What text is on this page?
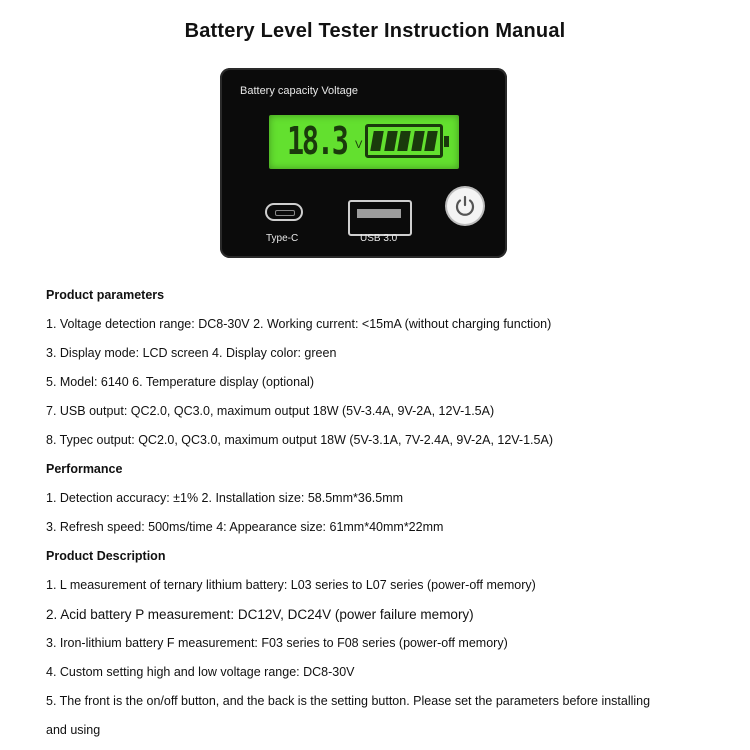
Battery Level Tester Instruction Manual
Battery capacity Voltage
18.3 V
Type-C	USB 3.0
Product parameters
1. Voltage detection range: DC8-30V 2. Working current: <15mA (without charging function)
3. Display mode: LCD screen 4. Display color: green
5. Model: 6140 6. Temperature display (optional)
7. USB output: QC2.0, QC3.0, maximum output 18W (5V-3.4A, 9V-2A, 12V-1.5A)
8. Typec output: QC2.0, QC3.0, maximum output 18W (5V-3.1A, 7V-2.4A, 9V-2A, 12V-1.5A)
Performance
1. Detection accuracy: ±1% 2. Installation size: 58.5mm*36.5mm
3. Refresh speed: 500ms/time 4: Appearance size: 61mm*40mm*22mm
Product Description
1. L measurement of ternary lithium battery: L03 series to L07 series (power-off memory)
2. Acid battery P measurement: DC12V, DC24V (power failure memory)
3. Iron-lithium battery F measurement: F03 series to F08 series (power-off memory)
4. Custom setting high and low voltage range: DC8-30V
5. The front is the on/off button, and the back is the setting button. Please set the parameters before installing
and using
